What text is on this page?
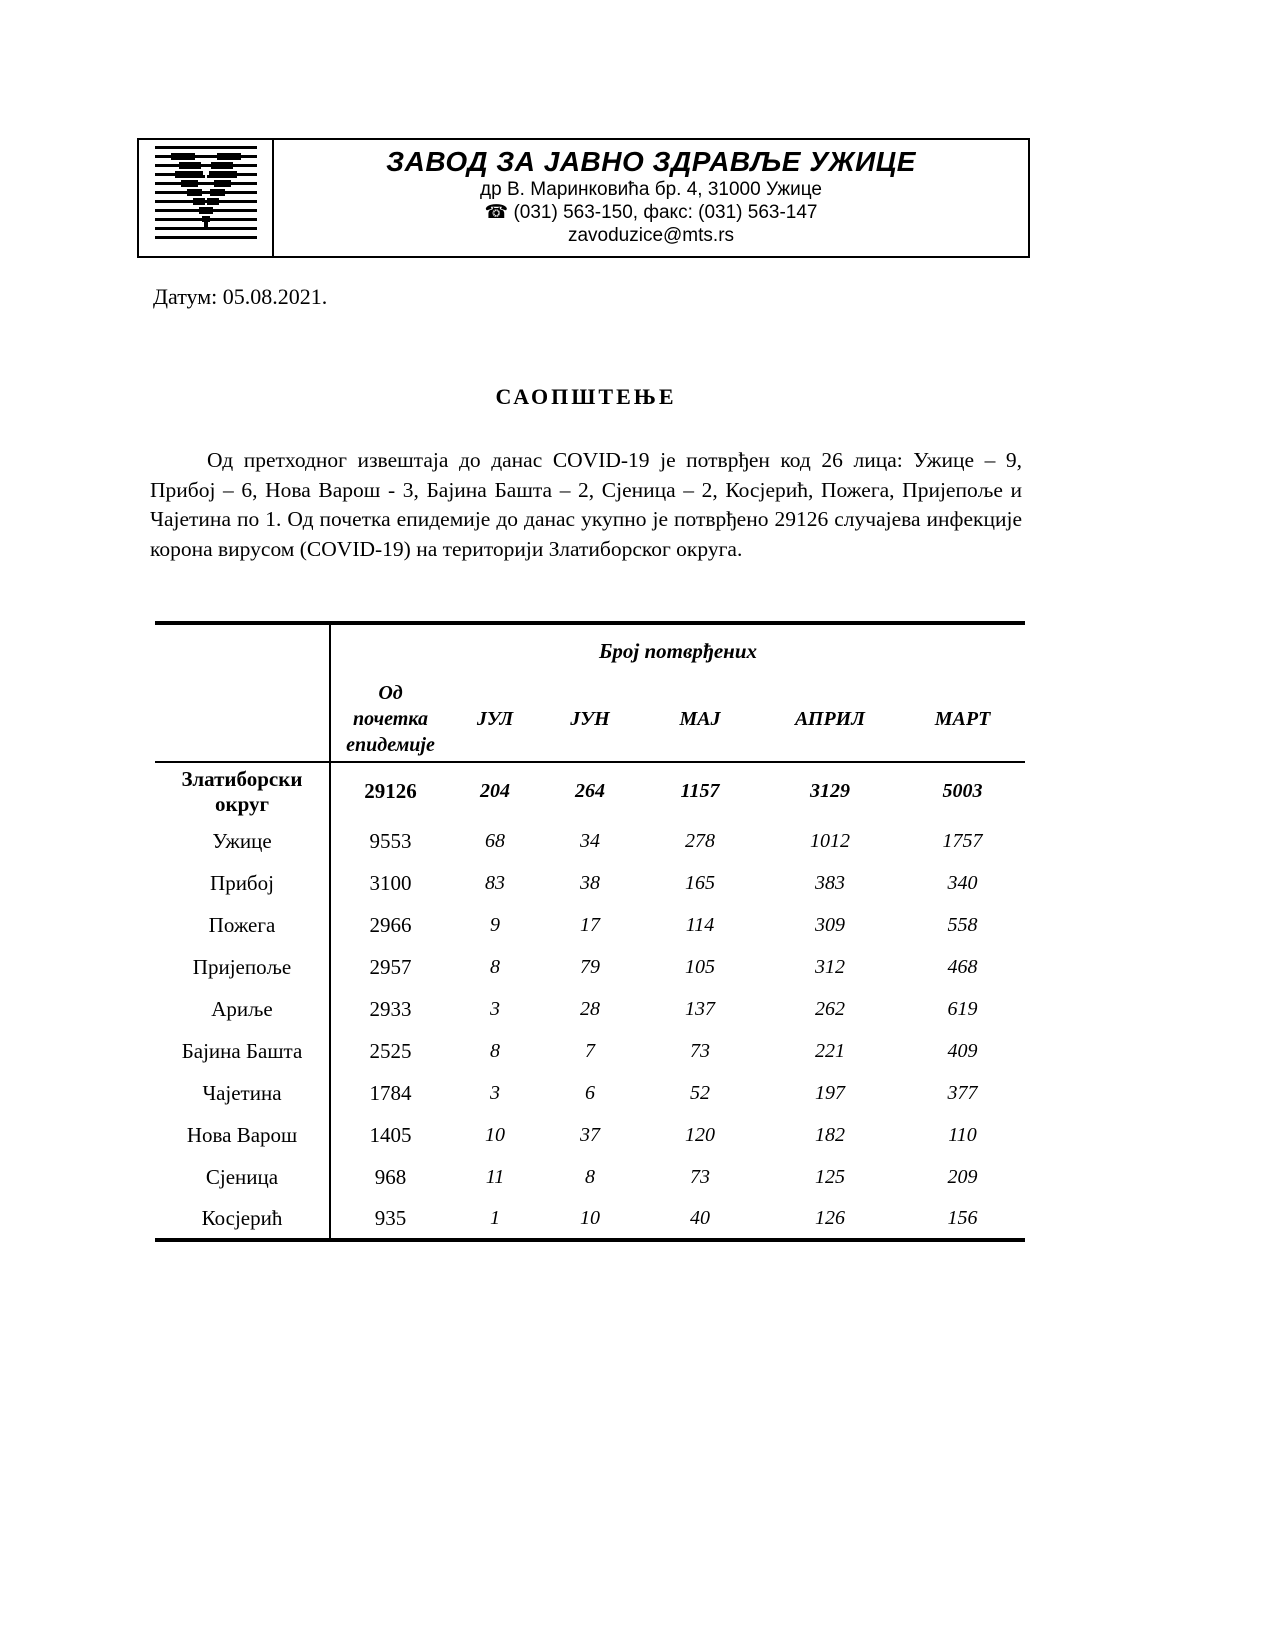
ЗАВОД ЗА ЈАВНО ЗДРАВЉЕ УЖИЦЕ
др В. Маринковића бр. 4, 31000 Ужице
☎ (031) 563-150, факс: (031) 563-147
zavoduzice@mts.rs
Датум: 05.08.2021.
САОПШТЕЊЕ
Од претходног извештаја до данас COVID-19 је потврђен код 26 лица: Ужице – 9, Прибој – 6, Нова Варош - 3, Бајина Башта – 2, Сјеница – 2, Косјерић, Пожега, Пријепоље и Чајетина по 1. Од почетка епидемије до данас укупно је потврђено 29126 случајева инфекције корона вирусом (COVID-19) на територији Златиборског округа.
	Број потврђених					

	Од почетка епидемије	ЈУЛ	ЈУН	МАЈ	АПРИЛ	МАРТ

Златиборски округ	29126	204	264	1157	3129	5003

Ужице	9553	68	34	278	1012	1757

Прибој	3100	83	38	165	383	340

Пожега	2966	9	17	114	309	558

Пријепоље	2957	8	79	105	312	468

Ариље	2933	3	28	137	262	619

Бајина Башта	2525	8	7	73	221	409

Чајетина	1784	3	6	52	197	377

Нова Варош	1405	10	37	120	182	110

Сјеница	968	11	8	73	125	209

Косјерић	935	1	10	40	126	156
